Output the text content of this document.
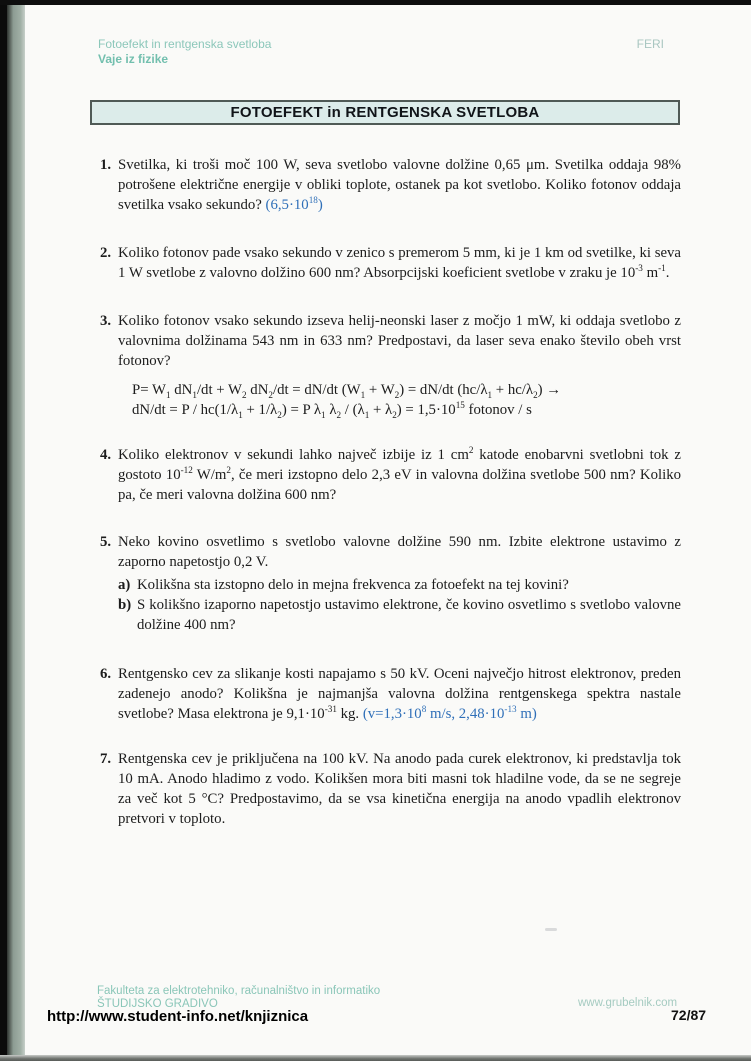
Fotoefekt in rentgenska svetloba	FERI
Vaje iz fizike
FOTOEFEKT in RENTGENSKA SVETLOBA
1. Svetilka, ki troši moč 100 W, seva svetlobo valovne dolžine 0,65 μm. Svetilka oddaja 98% potrošene električne energije v obliki toplote, ostanek pa kot svetlobo. Koliko fotonov oddaja svetilka vsako sekundo? $(6,5\cdot 10^{18})$
2. Koliko fotonov pade vsako sekundo v zenico s premerom 5 mm, ki je 1 km od svetilke, ki seva 1 W svetlobe z valovno dolžino 600 nm? Absorpcijski koeficient svetlobe v zraku je $10^{-3}$ $m^{-1}$.
3. Koliko fotonov vsako sekundo izseva helij-neonski laser z močjo 1 mW, ki oddaja svetlobo z valovnima dolžinama 543 nm in 633 nm? Predpostavi, da laser seva enako število obeh vrst fotonov?
$P= W_1$ $dN_1/dt + W_2$ $dN_2/dt = dN/dt$ $(W_1 + W_2) = dN/dt$ $(hc/\lambda_1 + hc/\lambda_2)$ →
$dN/dt = P / hc(1/\lambda_1 + 1/\lambda_2) = P$ $\lambda_1$ $\lambda_2 / (\lambda_1 + \lambda_2) = 1,5\cdot 10^{15}$ fotonov / s
4. Koliko elektronov v sekundi lahko največ izbije iz 1 $cm^2$ katode enobarvni svetlobni tok z gostoto $10^{-12}$ $W/m^2$, če meri izstopno delo 2,3 eV in valovna dolžina svetlobe 500 nm? Koliko pa, če meri valovna dolžina 600 nm?
5. Neko kovino osvetlimo s svetlobo valovne dolžine 590 nm. Izbite elektrone ustavimo z zaporno napetostjo 0,2 V.
a) Kolikšna sta izstopno delo in mejna frekvenca za fotoefekt na tej kovini?
b) S kolikšno izaporno napetostjo ustavimo elektrone, če kovino osvetlimo s svetlobo valovne dolžine 400 nm?
6. Rentgensko cev za slikanje kosti napajamo s 50 kV. Oceni največjo hitrost elektronov, preden zadenejo anodo? Kolikšna je najmanjša valovna dolžina rentgenskega spektra nastale svetlobe? Masa elektrona je $9,1\cdot 10^{-31}$ kg. ($v=1,3\cdot 10^8$ m/s, $2,48\cdot 10^{-13}$ m)
7. Rentgenska cev je priključena na 100 kV. Na anodo pada curek elektronov, ki predstavlja tok 10 mA. Anodo hladimo z vodo. Kolikšen mora biti masni tok hladilne vode, da se ne segreje za več kot 5 °C? Predpostavimo, da se vsa kinetična energija na anodo vpadlih elektronov pretvori v toploto.
Fakulteta za elektrotehniko, računalništvo in informatiko
ŠTUDIJSKO GRADIVO
http://www.student-info.net/knjiznica
www.grubelnik.com
72/87
